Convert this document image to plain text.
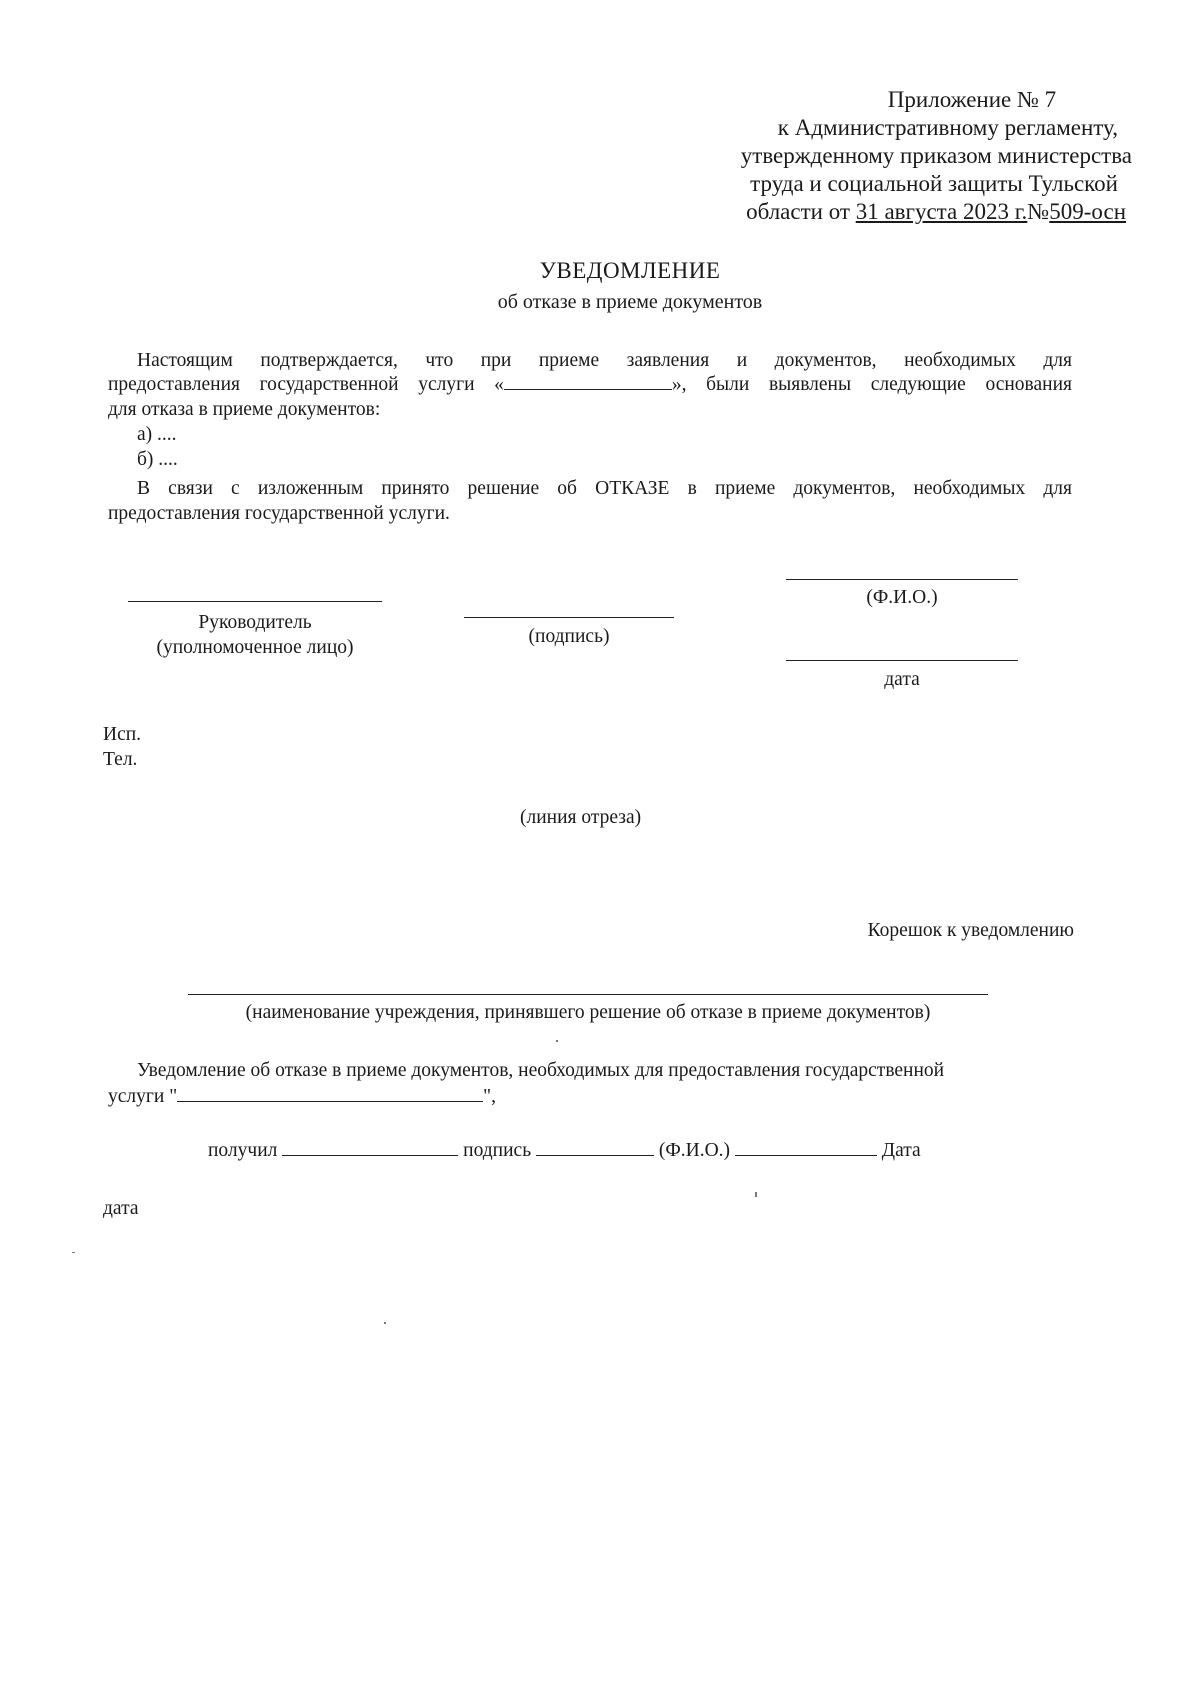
Приложение № 7
к Административному регламенту,
утвержденному приказом министерства
труда и социальной защиты Тульской
области от 31 августа 2023 г.№509-осн
УВЕДОМЛЕНИЕ
об отказе в приеме документов
Настоящим подтверждается, что при приеме заявления и документов, необходимых для
предоставления государственной услуги «	», были выявлены следующие основания
для отказа в приеме документов:
а) ....
б) ....
В связи с изложенным принято решение об ОТКАЗЕ в приеме документов, необходимых для
предоставления государственной услуги.
Руководитель
(уполномоченное лицо)
(подпись)
(Ф.И.О.)
дата
Исп.
Тел.
(линия отреза)
Корешок к уведомлению
(наименование учреждения, принявшего решение об отказе в приеме документов)
Уведомление об отказе в приеме документов, необходимых для предоставления государственной
услуги "	",
получил	подпись	(Ф.И.О.)	Дата
дата
